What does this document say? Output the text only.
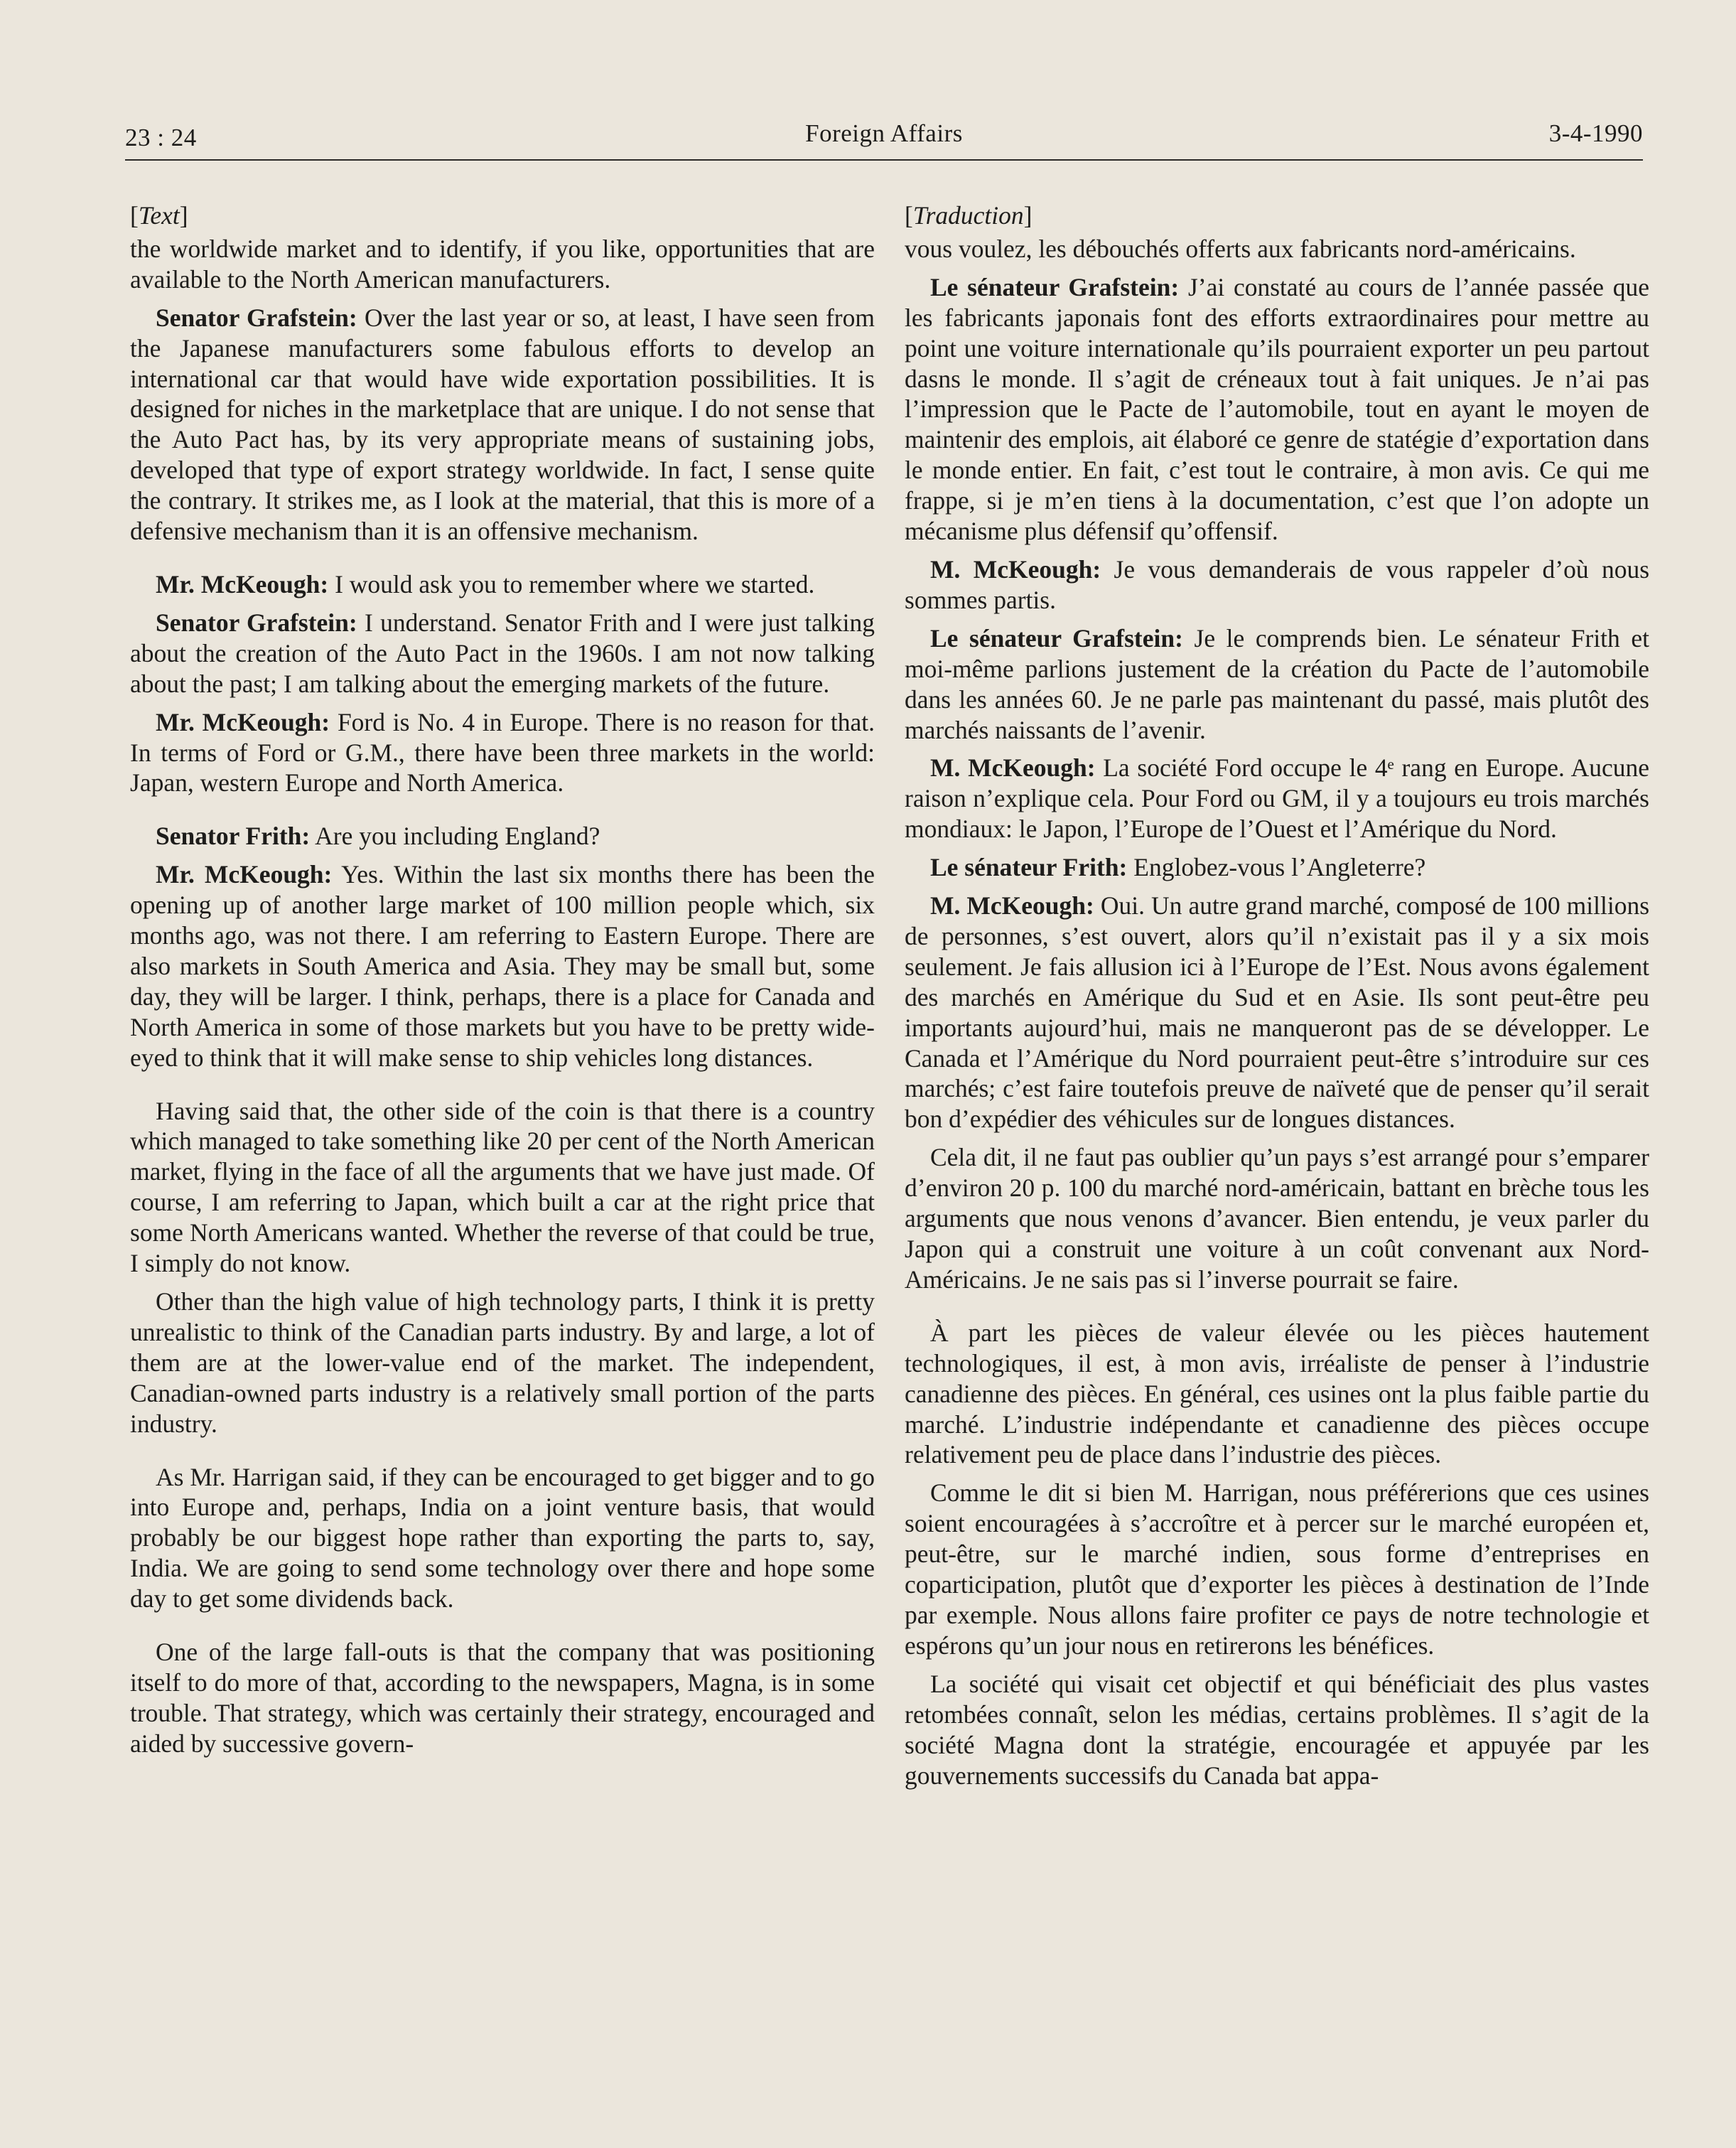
23 : 24	Foreign Affairs	3-4-1990
[Text]

the worldwide market and to identify, if you like, opportunities that are available to the North American manufacturers.

Senator Grafstein: Over the last year or so, at least, I have seen from the Japanese manufacturers some fabulous efforts to develop an international car that would have wide exportation possibilities. It is designed for niches in the marketplace that are unique. I do not sense that the Auto Pact has, by its very appropriate means of sustaining jobs, developed that type of export strategy worldwide. In fact, I sense quite the contrary. It strikes me, as I look at the material, that this is more of a defensive mechanism than it is an offensive mechanism.

Mr. McKeough: I would ask you to remember where we started.

Senator Grafstein: I understand. Senator Frith and I were just talking about the creation of the Auto Pact in the 1960s. I am not now talking about the past; I am talking about the emerging markets of the future.

Mr. McKeough: Ford is No. 4 in Europe. There is no reason for that. In terms of Ford or G.M., there have been three markets in the world: Japan, western Europe and North America.

Senator Frith: Are you including England?

Mr. McKeough: Yes. Within the last six months there has been the opening up of another large market of 100 million people which, six months ago, was not there. I am referring to Eastern Europe. There are also markets in South America and Asia. They may be small but, some day, they will be larger. I think, perhaps, there is a place for Canada and North America in some of those markets but you have to be pretty wide-eyed to think that it will make sense to ship vehicles long distances.

Having said that, the other side of the coin is that there is a country which managed to take something like 20 per cent of the North American market, flying in the face of all the arguments that we have just made. Of course, I am referring to Japan, which built a car at the right price that some North Americans wanted. Whether the reverse of that could be true, I simply do not know.

Other than the high value of high technology parts, I think it is pretty unrealistic to think of the Canadian parts industry. By and large, a lot of them are at the lower-value end of the market. The independent, Canadian-owned parts industry is a relatively small portion of the parts industry.

As Mr. Harrigan said, if they can be encouraged to get bigger and to go into Europe and, perhaps, India on a joint venture basis, that would probably be our biggest hope rather than exporting the parts to, say, India. We are going to send some technology over there and hope some day to get some dividends back.

One of the large fall-outs is that the company that was positioning itself to do more of that, according to the newspapers, Magna, is in some trouble. That strategy, which was certainly their strategy, encouraged and aided by successive govern-

[Traduction]

vous voulez, les débouchés offerts aux fabricants nord-américains.

Le sénateur Grafstein: J’ai constaté au cours de l’année passée que les fabricants japonais font des efforts extraordinaires pour mettre au point une voiture internationale qu’ils pourraient exporter un peu partout dasns le monde. Il s’agit de créneaux tout à fait uniques. Je n’ai pas l’impression que le Pacte de l’automobile, tout en ayant le moyen de maintenir des emplois, ait élaboré ce genre de statégie d’exportation dans le monde entier. En fait, c’est tout le contraire, à mon avis. Ce qui me frappe, si je m’en tiens à la documentation, c’est que l’on adopte un mécanisme plus défensif qu’offensif.

M. McKeough: Je vous demanderais de vous rappeler d’où nous sommes partis.

Le sénateur Grafstein: Je le comprends bien. Le sénateur Frith et moi-même parlions justement de la création du Pacte de l’automobile dans les années 60. Je ne parle pas maintenant du passé, mais plutôt des marchés naissants de l’avenir.

M. McKeough: La société Ford occupe le 4ᵉ rang en Europe. Aucune raison n’explique cela. Pour Ford ou GM, il y a toujours eu trois marchés mondiaux: le Japon, l’Europe de l’Ouest et l’Amérique du Nord.

Le sénateur Frith: Englobez-vous l’Angleterre?

M. McKeough: Oui. Un autre grand marché, composé de 100 millions de personnes, s’est ouvert, alors qu’il n’existait pas il y a six mois seulement. Je fais allusion ici à l’Europe de l’Est. Nous avons également des marchés en Amérique du Sud et en Asie. Ils sont peut-être peu importants aujourd’hui, mais ne manqueront pas de se développer. Le Canada et l’Amérique du Nord pourraient peut-être s’introduire sur ces marchés; c’est faire toutefois preuve de naïveté que de penser qu’il serait bon d’expédier des véhicules sur de longues distances.

Cela dit, il ne faut pas oublier qu’un pays s’est arrangé pour s’emparer d’environ 20 p. 100 du marché nord-américain, battant en brèche tous les arguments que nous venons d’avancer. Bien entendu, je veux parler du Japon qui a construit une voiture à un coût convenant aux Nord-Américains. Je ne sais pas si l’inverse pourrait se faire.

À part les pièces de valeur élevée ou les pièces hautement technologiques, il est, à mon avis, irréaliste de penser à l’industrie canadienne des pièces. En général, ces usines ont la plus faible partie du marché. L’industrie indépendante et canadienne des pièces occupe relativement peu de place dans l’industrie des pièces.

Comme le dit si bien M. Harrigan, nous préférerions que ces usines soient encouragées à s’accroître et à percer sur le marché européen et, peut-être, sur le marché indien, sous forme d’entreprises en coparticipation, plutôt que d’exporter les pièces à destination de l’Inde par exemple. Nous allons faire profiter ce pays de notre technologie et espérons qu’un jour nous en retirerons les bénéfices.

La société qui visait cet objectif et qui bénéficiait des plus vastes retombées connaît, selon les médias, certains problèmes. Il s’agit de la société Magna dont la stratégie, encouragée et appuyée par les gouvernements successifs du Canada bat appa-
